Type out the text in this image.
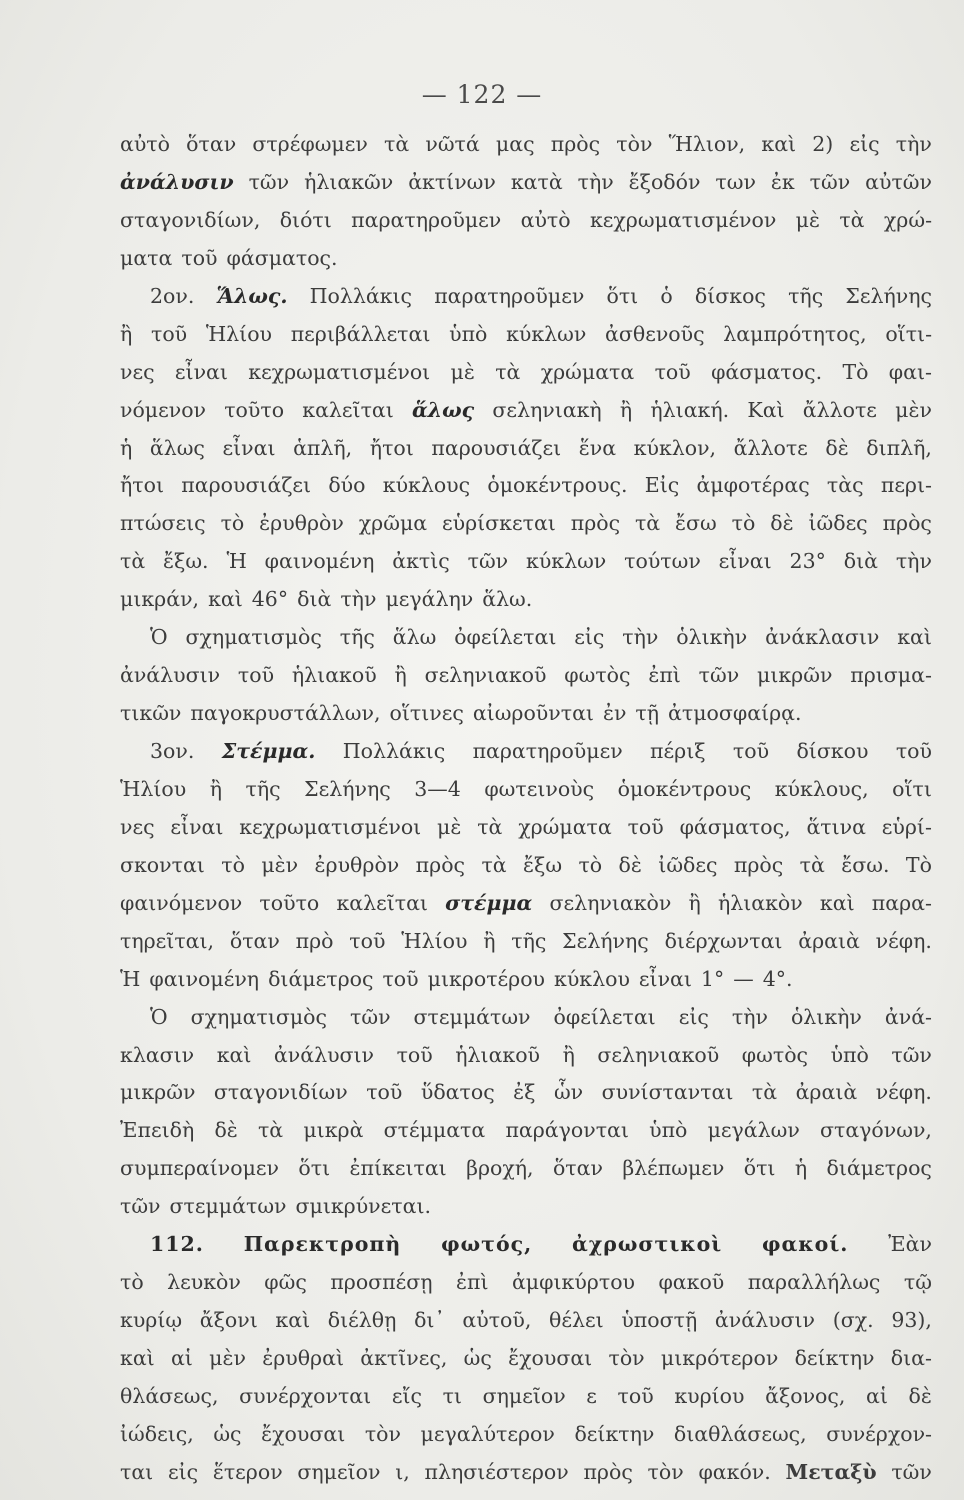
— 122 —
αὐτὸ ὅταν στρέφωμεν τὰ νῶτά μας πρὸς τὸν Ἥλιον, καὶ 2) εἰς τὴν
ἀνάλυσιν τῶν ἡλιακῶν ἀκτίνων κατὰ τὴν ἔξοδόν των ἐκ τῶν αὐτῶν
σταγονιδίων, διότι παρατηροῦμεν αὐτὸ κεχρωματισμένον μὲ τὰ χρώ-
ματα τοῦ φάσματος.
2ον. Ἅλως. Πολλάκις παρατηροῦμεν ὅτι ὁ δίσκος τῆς Σελήνης
ἢ τοῦ Ἡλίου περιβάλλεται ὑπὸ κύκλων ἀσθενοῦς λαμπρότητος, οἵτι-
νες εἶναι κεχρωματισμένοι μὲ τὰ χρώματα τοῦ φάσματος. Τὸ φαι-
νόμενον τοῦτο καλεῖται ἅλως σεληνιακὴ ἢ ἡλιακή. Καὶ ἄλλοτε μὲν
ἡ ἅλως εἶναι ἁπλῆ, ἤτοι παρουσιάζει ἕνα κύκλον, ἄλλοτε δὲ διπλῆ,
ἤτοι παρουσιάζει δύο κύκλους ὁμοκέντρους. Εἰς ἀμφοτέρας τὰς περι-
πτώσεις τὸ ἐρυθρὸν χρῶμα εὑρίσκεται πρὸς τὰ ἔσω τὸ δὲ ἰῶδες πρὸς
τὰ ἔξω. Ἡ φαινομένη ἀκτὶς τῶν κύκλων τούτων εἶναι 23° διὰ τὴν
μικράν, καὶ 46° διὰ τὴν μεγάλην ἅλω.
Ὁ σχηματισμὸς τῆς ἅλω ὀφείλεται εἰς τὴν ὁλικὴν ἀνάκλασιν καὶ
ἀνάλυσιν τοῦ ἡλιακοῦ ἢ σεληνιακοῦ φωτὸς ἐπὶ τῶν μικρῶν πρισμα-
τικῶν παγοκρυστάλλων, οἵτινες αἰωροῦνται ἐν τῇ ἀτμοσφαίρᾳ.
3ον. Στέμμα. Πολλάκις παρατηροῦμεν πέριξ τοῦ δίσκου τοῦ
Ἡλίου ἢ τῆς Σελήνης 3—4 φωτεινοὺς ὁμοκέντρους κύκλους, οἵτι
νες εἶναι κεχρωματισμένοι μὲ τὰ χρώματα τοῦ φάσματος, ἅτινα εὑρί-
σκονται τὸ μὲν ἐρυθρὸν πρὸς τὰ ἔξω τὸ δὲ ἰῶδες πρὸς τὰ ἔσω. Τὸ
φαινόμενον τοῦτο καλεῖται στέμμα σεληνιακὸν ἢ ἡλιακὸν καὶ παρα-
τηρεῖται, ὅταν πρὸ τοῦ Ἡλίου ἢ τῆς Σελήνης διέρχωνται ἀραιὰ νέφη.
Ἡ φαινομένη διάμετρος τοῦ μικροτέρου κύκλου εἶναι 1° — 4°.
Ὁ σχηματισμὸς τῶν στεμμάτων ὀφείλεται εἰς τὴν ὁλικὴν ἀνά-
κλασιν καὶ ἀνάλυσιν τοῦ ἡλιακοῦ ἢ σεληνιακοῦ φωτὸς ὑπὸ τῶν
μικρῶν σταγονιδίων τοῦ ὕδατος ἐξ ὧν συνίστανται τὰ ἀραιὰ νέφη.
Ἐπειδὴ δὲ τὰ μικρὰ στέμματα παράγονται ὑπὸ μεγάλων σταγόνων,
συμπεραίνομεν ὅτι ἐπίκειται βροχή, ὅταν βλέπωμεν ὅτι ἡ διάμετρος
τῶν στεμμάτων σμικρύνεται.
112. Παρεκτροπὴ φωτός, ἀχρωστικοὶ φακοί. Ἐὰν
τὸ λευκὸν φῶς προσπέσῃ ἐπὶ ἀμφικύρτου φακοῦ παραλλήλως τῷ
κυρίῳ ἄξονι καὶ διέλθῃ δι᾽ αὐτοῦ, θέλει ὑποστῇ ἀνάλυσιν (σχ. 93),
καὶ αἱ μὲν ἐρυθραὶ ἀκτῖνες, ὡς ἔχουσαι τὸν μικρότερον δείκτην δια-
θλάσεως, συνέρχονται εἴς τι σημεῖον ε τοῦ κυρίου ἄξονος, αἱ δὲ
ἰώδεις, ὡς ἔχουσαι τὸν μεγαλύτερον δείκτην διαθλάσεως, συνέρχον-
ται εἰς ἕτερον σημεῖον ι, πλησιέστερον πρὸς τὸν φακόν. Μεταξὺ τῶν
